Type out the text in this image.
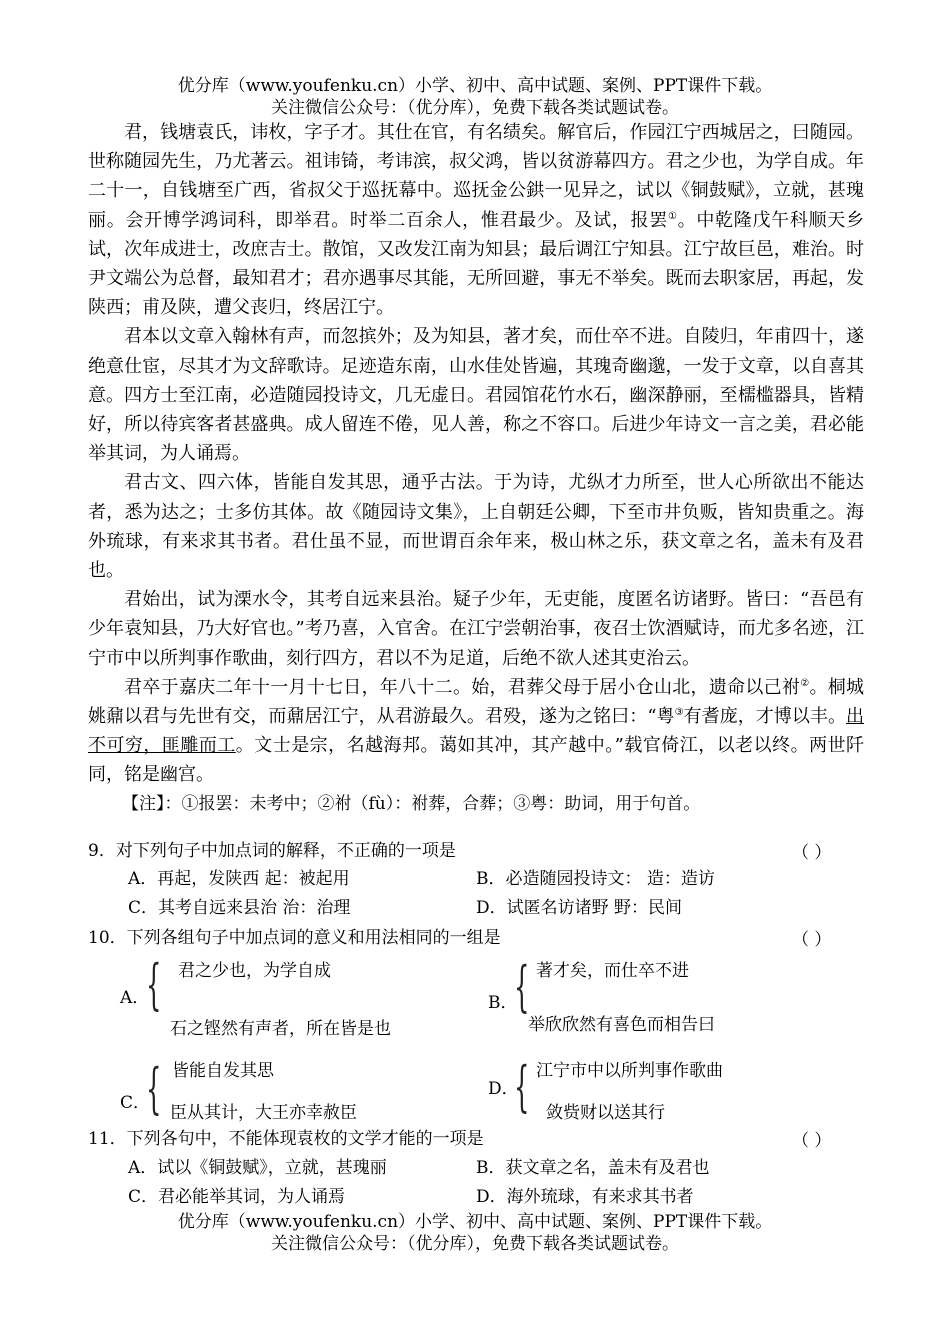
优分库（www.youfenku.cn）小学、初中、高中试题、案例、PPT课件下载。
关注微信公众号：（优分库），免费下载各类试题试卷。

君，钱塘袁氏，讳枚，字子才。其仕在官，有名绩矣。解官后，作园江宁西城居之，曰随园。世称随园先生，乃尤著云。祖讳锜，考讳滨，叔父鸿，皆以贫游幕四方。君之少也，为学自成。年二十一，自钱塘至广西，省叔父于巡抚幕中。巡抚金公鉷一见异之，试以《铜鼓赋》，立就，甚瑰丽。会开博学鸿词科，即举君。时举二百余人，惟君最少。及试，报罢①。中乾隆戊午科顺天乡试，次年成进士，改庶吉士。散馆，又改发江南为知县；最后调江宁知县。江宁故巨邑，难治。时尹文端公为总督，最知君才；君亦遇事尽其能，无所回避，事无不举矣。既而去职家居，再起，发陕西；甫及陕，遭父丧归，终居江宁。

君本以文章入翰林有声，而忽摈外；及为知县，著才矣，而仕卒不进。自陵归，年甫四十，遂绝意仕宦，尽其才为文辞歌诗。足迹造东南，山水佳处皆遍，其瑰奇幽邈，一发于文章，以自喜其意。四方士至江南，必造随园投诗文，几无虚日。君园馆花竹水石，幽深静丽，至檽槛器具，皆精好，所以待宾客者甚盛典。成人留连不倦，见人善，称之不容口。后进少年诗文一言之美，君必能举其词，为人诵焉。

君古文、四六体，皆能自发其思，通乎古法。于为诗，尤纵才力所至，世人心所欲出不能达者，悉为达之；士多仿其体。故《随园诗文集》，上自朝廷公卿，下至市井负贩，皆知贵重之。海外琉球，有来求其书者。君仕虽不显，而世谓百余年来，极山林之乐，获文章之名，盖未有及君也。

君始出，试为溧水令，其考自远来县治。疑子少年，无吏能，度匿名访诸野。皆曰：“吾邑有少年袁知县，乃大好官也。”考乃喜，入官舍。在江宁尝朝治事，夜召士饮酒赋诗，而尤多名迹，江宁市中以所判事作歌曲，刻行四方，君以不为足道，后绝不欲人述其吏治云。

君卒于嘉庆二年十一月十七日，年八十二。始，君葬父母于居小仓山北，遗命以己祔②。桐城姚鼐以君与先世有交，而鼐居江宁，从君游最久。君殁，遂为之铭曰：“粤③有耆庞，才博以丰。出不可穷，匪雕而工。文士是宗，名越海邦。蔼如其冲，其产越中。”载官倚江，以老以终。两世阡同，铭是幽宫。

【注】：①报罢：未考中；②祔（fù）：祔葬，合葬；③粤：助词，用于句首。

9．对下列句子中加点词的解释，不正确的一项是	（ ）
A．再起，发陕西 起：被起用	B．必造随园投诗文： 造：造访
C．其考自远来县治 治：治理	D．试匿名访诸野 野：民间
10．下列各组句子中加点词的意义和用法相同的一组是	（ ）
A．
{ 君之少也，为学自成
石之铿然有声者，所在皆是也
B．
{ 著才矣，而仕卒不进
举欣欣然有喜色而相告曰
C．
{ 皆能自发其思
臣从其计，大王亦幸赦臣
D．
{ 江宁市中以所判事作歌曲
敛赀财以送其行
11．下列各句中，不能体现袁枚的文学才能的一项是	（ ）
A．试以《铜鼓赋》，立就，甚瑰丽	B．获文章之名，盖未有及君也
C．君必能举其词，为人诵焉	D．海外琉球，有来求其书者
优分库（www.youfenku.cn）小学、初中、高中试题、案例、PPT课件下载。
关注微信公众号：（优分库），免费下载各类试题试卷。
